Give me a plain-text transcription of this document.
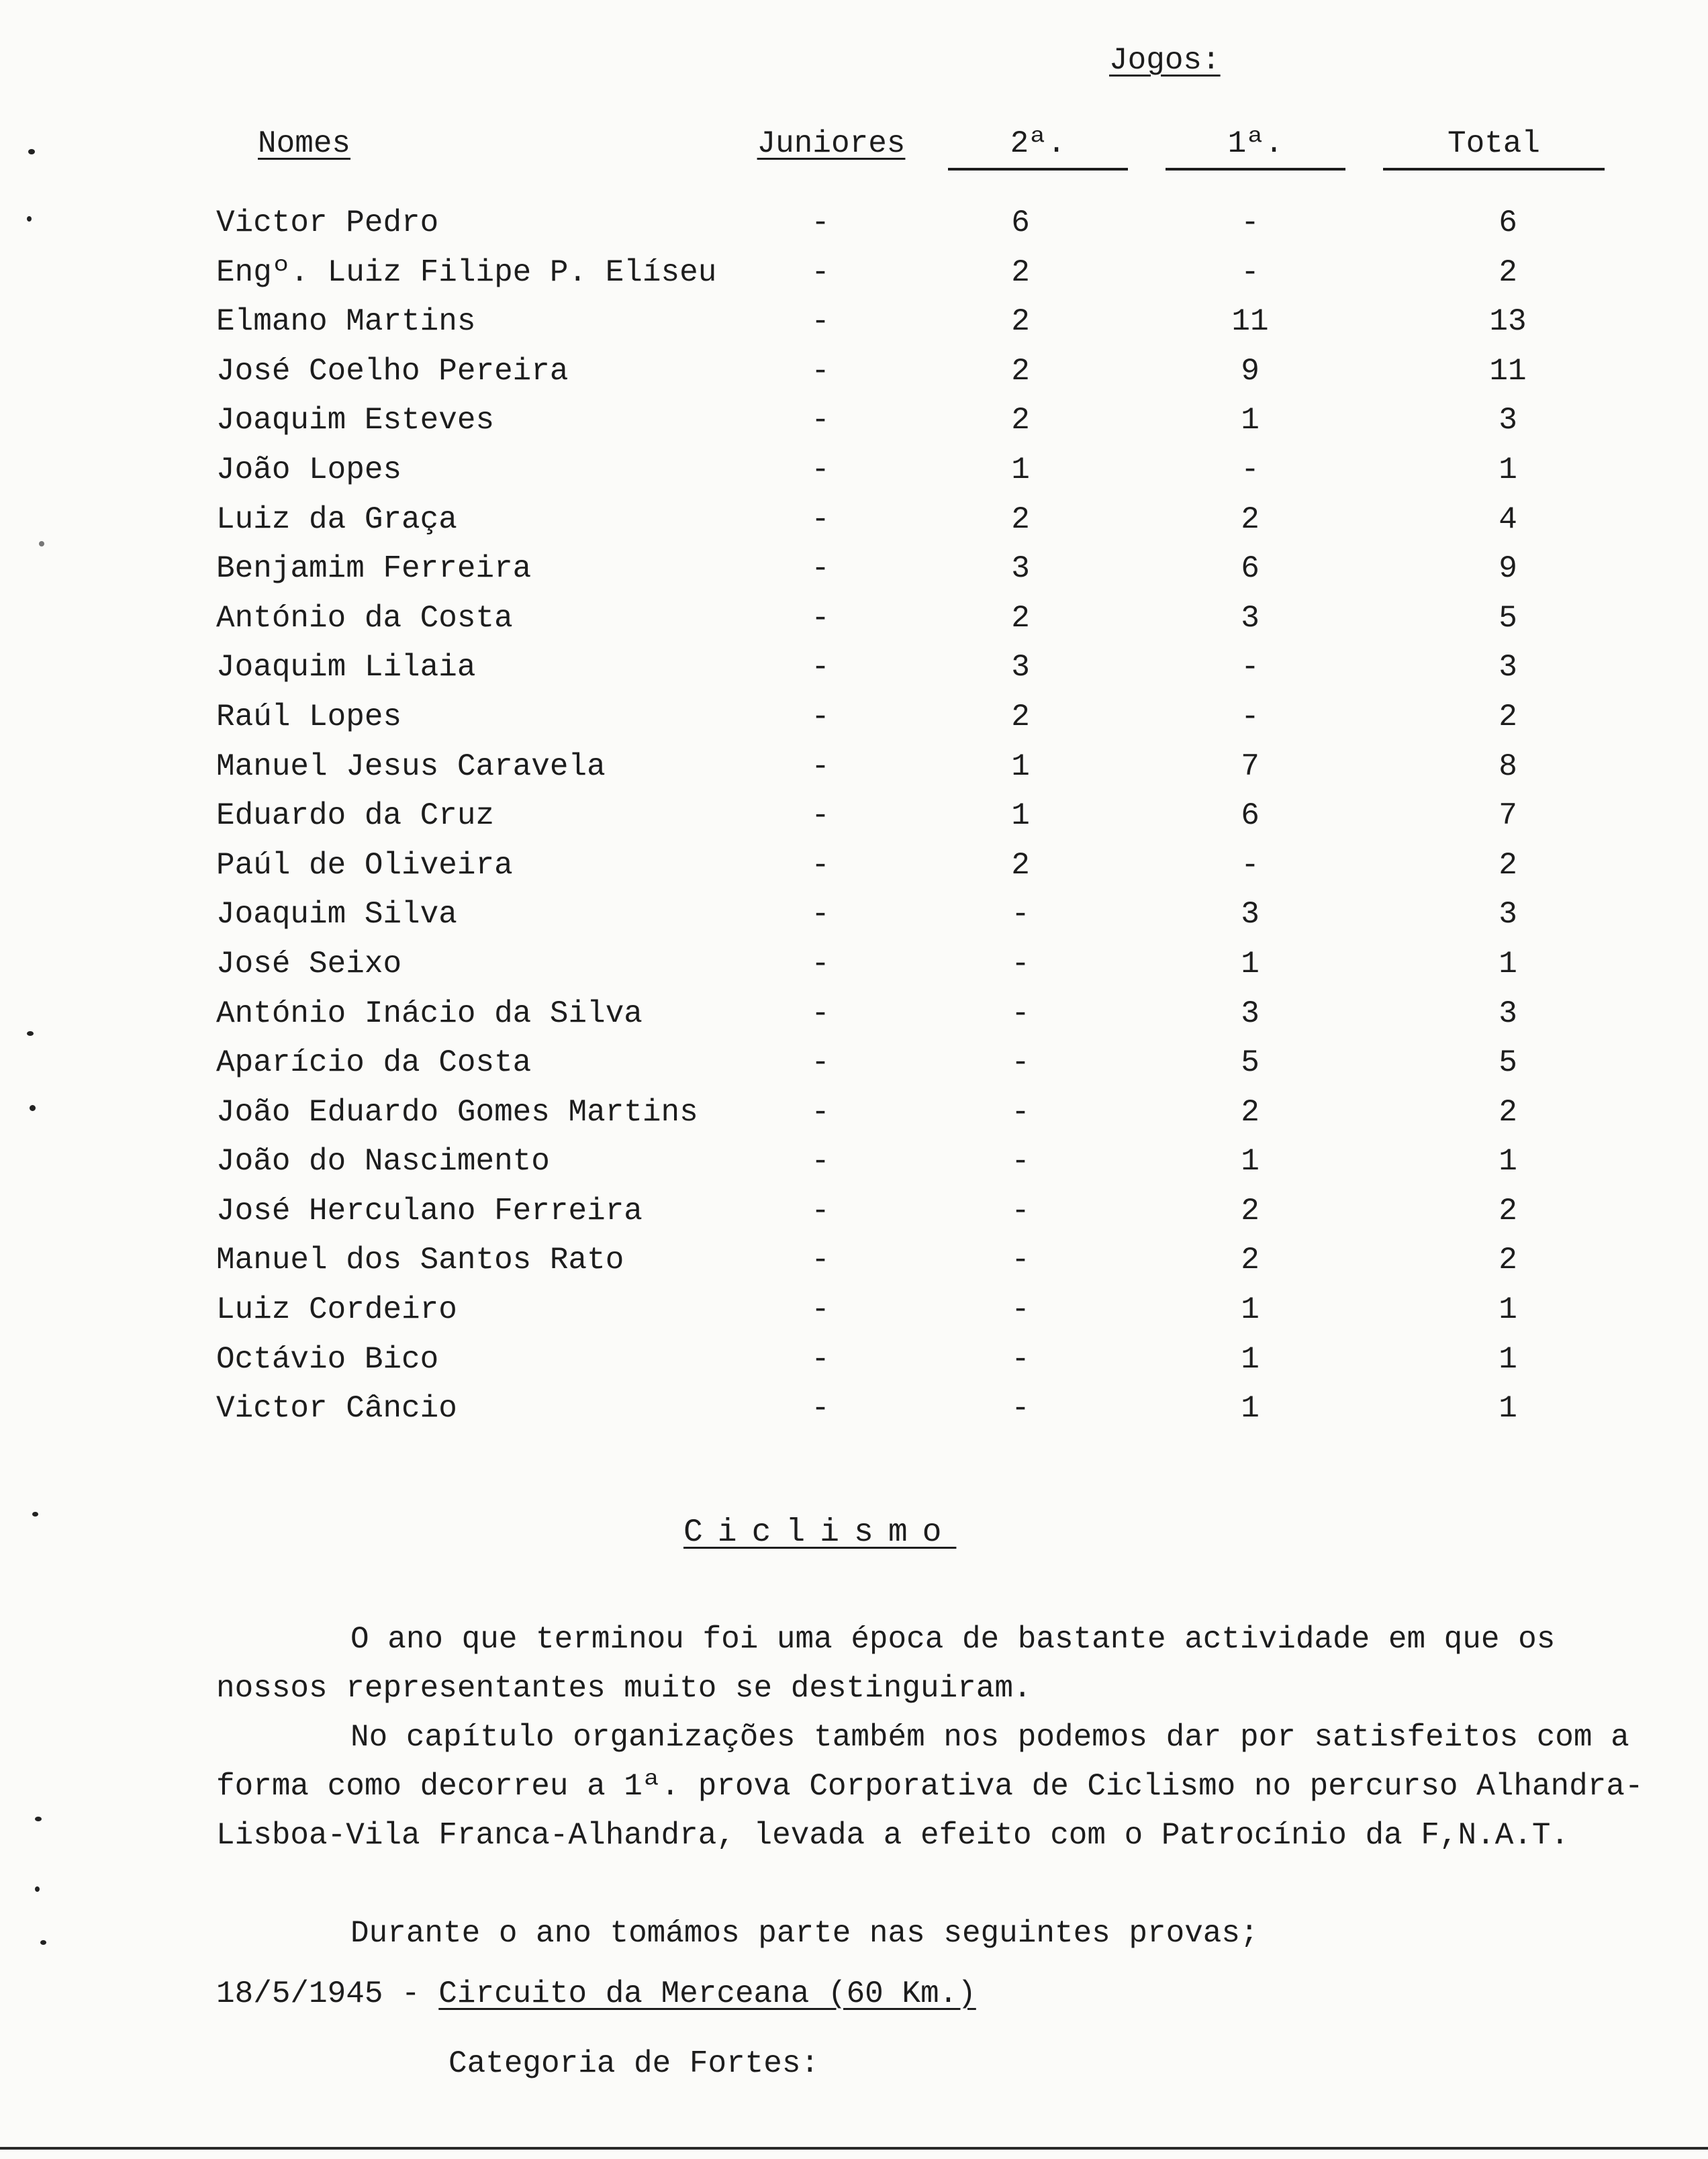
Jogos:
Nomes	Juniores	2ª.	1ª.	Total
Victor Pedro	-	6	-	6
Engº. Luiz Filipe P. Elíseu	-	2	-	2
Elmano Martins	-	2	11	13
José Coelho Pereira	-	2	9	11
Joaquim Esteves	-	2	1	3
João Lopes	-	1	-	1
Luiz da Graça	-	2	2	4
Benjamim Ferreira	-	3	6	9
António da Costa	-	2	3	5
Joaquim Lilaia	-	3	-	3
Raúl Lopes	-	2	-	2
Manuel Jesus Caravela	-	1	7	8
Eduardo da Cruz	-	1	6	7
Paúl de Oliveira	-	2	-	2
Joaquim Silva	-	-	3	3
José Seixo	-	-	1	1
António Inácio da Silva	-	-	3	3
Aparício da Costa	-	-	5	5
João Eduardo Gomes Martins	-	-	2	2
João do Nascimento	-	-	1	1
José Herculano Ferreira	-	-	2	2
Manuel dos Santos Rato	-	-	2	2
Luiz Cordeiro	-	-	1	1
Octávio Bico	-	-	1	1
Victor Câncio	-	-	1	1
Ciclismo

O ano que terminou foi uma época de bastante actividade em que os nossos representantes muito se destinguiram.

No capítulo organizações também nos podemos dar por satisfeitos com a forma como decorreu a 1ª. prova Corporativa de Ciclismo no percurso Alhandra-Lisboa-Vila Franca-Alhandra, levada a efeito com o Patrocínio da F,N.A.T.

Durante o ano tomámos parte nas seguintes provas;

18/5/1945 - Circuito da Merceana (60 Km.)
Categoria de Fortes:
